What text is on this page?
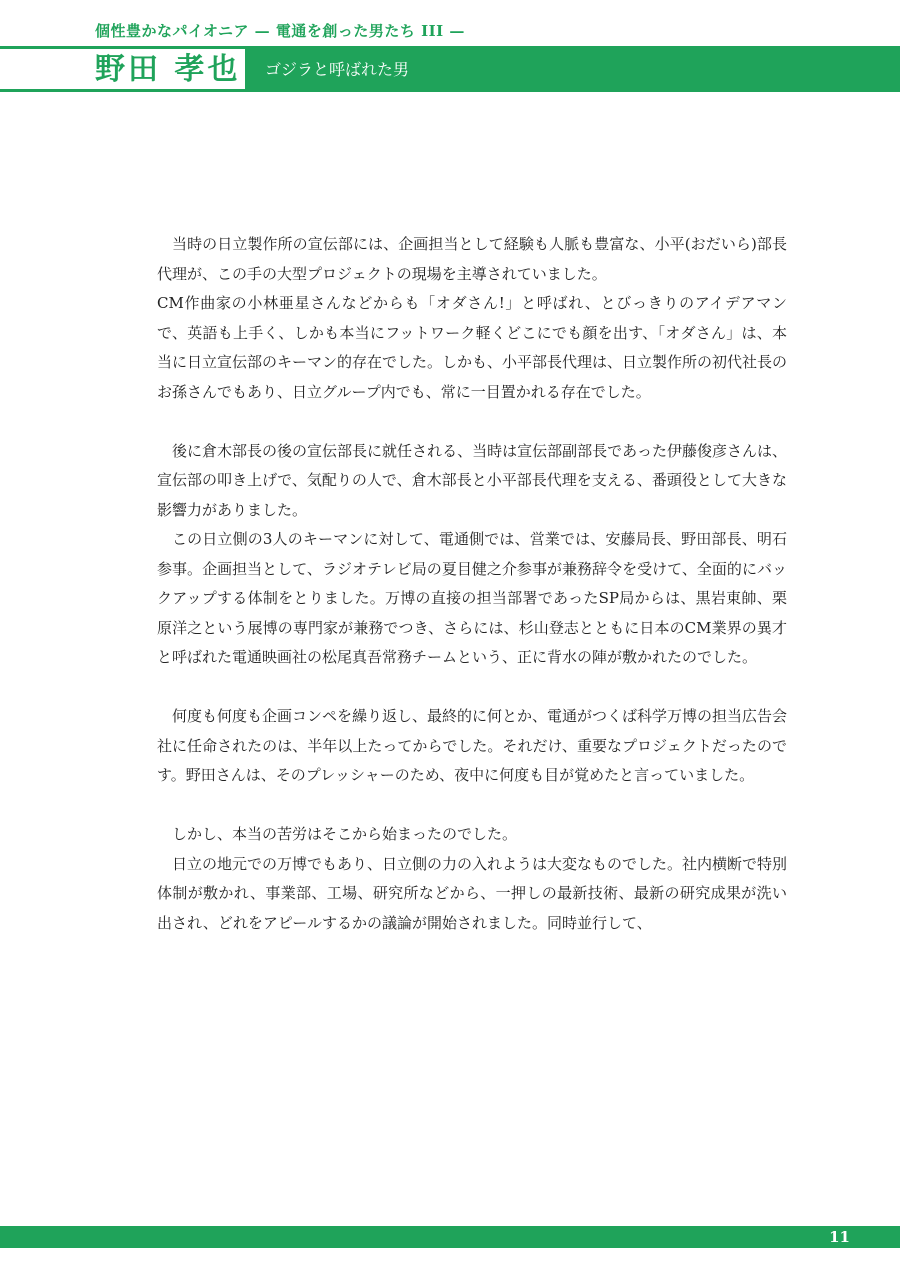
個性豊かなパイオニア — 電通を創った男たち III —
野田 孝也 ゴジラと呼ばれた男

当時の日立製作所の宣伝部には、企画担当として経験も人脈も豊富な、小平(おだいら)部長代理が、この手の大型プロジェクトの現場を主導されていました。

CM作曲家の小林亜星さんなどからも「オダさん!」と呼ばれ、とびっきりのアイデアマンで、英語も上手く、しかも本当にフットワーク軽くどこにでも顔を出す、「オダさん」は、本当に日立宣伝部のキーマン的存在でした。しかも、小平部長代理は、日立製作所の初代社長のお孫さんでもあり、日立グループ内でも、常に一目置かれる存在でした。

後に倉木部長の後の宣伝部長に就任される、当時は宣伝部副部長であった伊藤俊彦さんは、宣伝部の叩き上げで、気配りの人で、倉木部長と小平部長代理を支える、番頭役として大きな影響力がありました。

この日立側の3人のキーマンに対して、電通側では、営業では、安藤局長、野田部長、明石参事。企画担当として、ラジオテレビ局の夏目健之介参事が兼務辞令を受けて、全面的にバックアップする体制をとりました。万博の直接の担当部署であったSP局からは、黒岩東帥、栗原洋之という展博の専門家が兼務でつき、さらには、杉山登志とともに日本のCM業界の異才と呼ばれた電通映画社の松尾真吾常務チームという、正に背水の陣が敷かれたのでした。

何度も何度も企画コンペを繰り返し、最終的に何とか、電通がつくば科学万博の担当広告会社に任命されたのは、半年以上たってからでした。それだけ、重要なプロジェクトだったのです。野田さんは、そのプレッシャーのため、夜中に何度も目が覚めたと言っていました。

しかし、本当の苦労はそこから始まったのでした。

日立の地元での万博でもあり、日立側の力の入れようは大変なものでした。社内横断で特別体制が敷かれ、事業部、工場、研究所などから、一押しの最新技術、最新の研究成果が洗い出され、どれをアピールするかの議論が開始されました。同時並行して、

11
